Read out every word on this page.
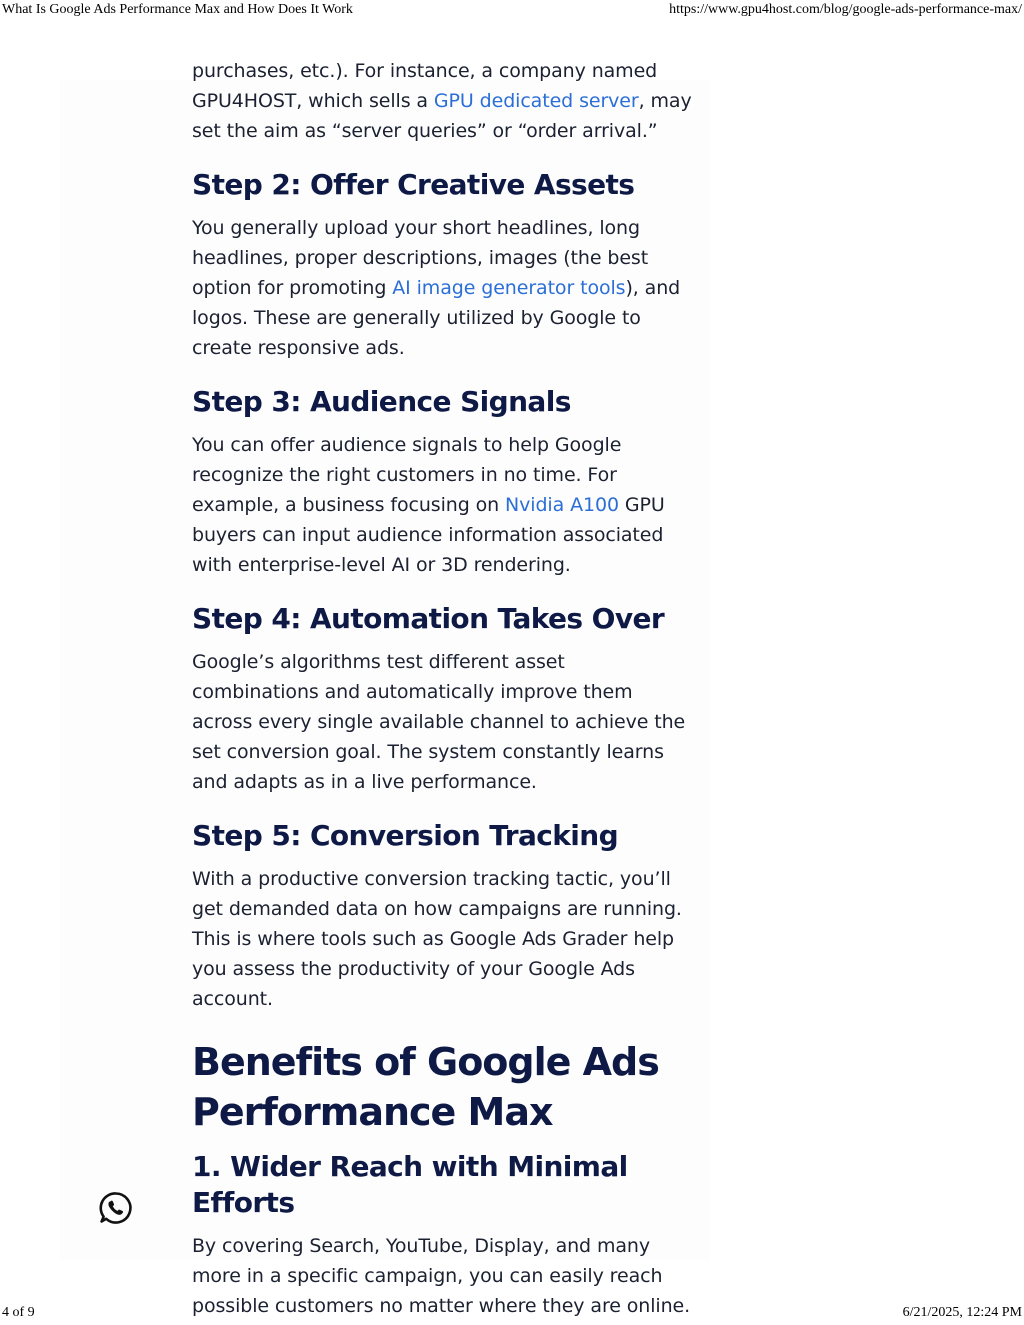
What Is Google Ads Performance Max and How Does It Work	https://www.gpu4host.com/blog/google-ads-performance-max/

purchases, etc.). For instance, a company named GPU4HOST, which sells a GPU dedicated server, may set the aim as “server queries” or “order arrival.”

Step 2: Offer Creative Assets

You generally upload your short headlines, long headlines, proper descriptions, images (the best option for promoting AI image generator tools), and logos. These are generally utilized by Google to create responsive ads.

Step 3: Audience Signals

You can offer audience signals to help Google recognize the right customers in no time. For example, a business focusing on Nvidia A100 GPU buyers can input audience information associated with enterprise-level AI or 3D rendering.

Step 4: Automation Takes Over

Google’s algorithms test different asset combinations and automatically improve them across every single available channel to achieve the set conversion goal. The system constantly learns and adapts as in a live performance.

Step 5: Conversion Tracking

With a productive conversion tracking tactic, you’ll get demanded data on how campaigns are running. This is where tools such as Google Ads Grader help you assess the productivity of your Google Ads account.

Benefits of Google Ads
Performance Max
1. Wider Reach with Minimal Efforts

By covering Search, YouTube, Display, and many more in a specific campaign, you can easily reach possible customers no matter where they are online.

4 of 9	6/21/2025, 12:24 PM
